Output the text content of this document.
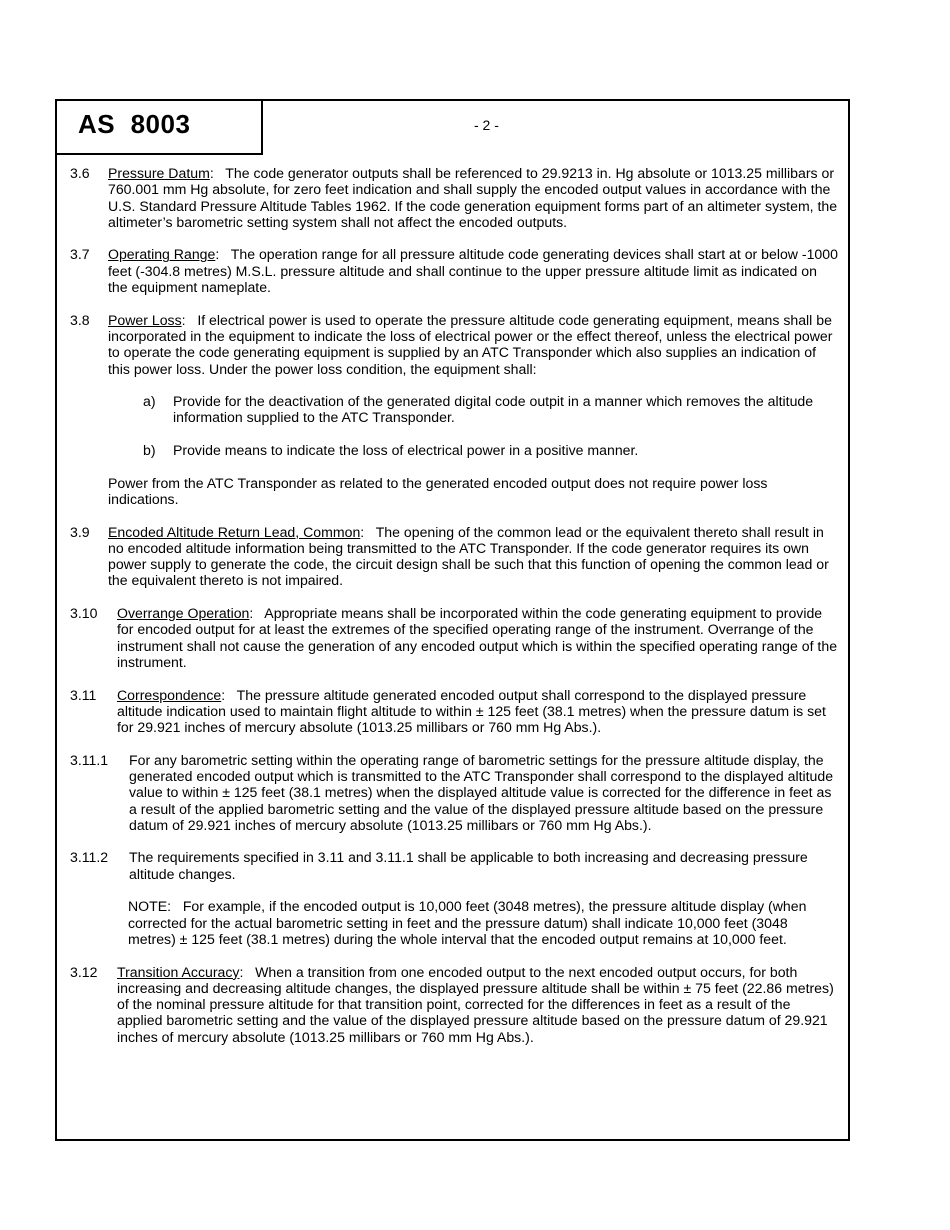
AS  8003	- 2 -
3.6	Pressure Datum:   The code generator outputs shall be referenced to 29.9213 in. Hg absolute or 1013.25 millibars or 760.001 mm Hg absolute, for zero feet indication and shall supply the encoded output values in accordance with the U.S. Standard Pressure Altitude Tables 1962. If the code generation equipment forms part of an altimeter system, the altimeter’s barometric setting system shall not affect the encoded outputs.
3.7	Operating Range:   The operation range for all pressure altitude code generating devices shall start at or below -1000 feet (-304.8 metres) M.S.L. pressure altitude and shall continue to the upper pressure altitude limit as indicated on the equipment nameplate.
3.8	Power Loss:   If electrical power is used to operate the pressure altitude code generating equipment, means shall be incorporated in the equipment to indicate the loss of electrical power or the effect thereof, unless the electrical power to operate the code generating equipment is supplied by an ATC Transponder which also supplies an indication of this power loss. Under the power loss condition, the equipment shall:
a)	Provide for the deactivation of the generated digital code outpit in a manner which removes the altitude information supplied to the ATC Transponder.
b)	Provide means to indicate the loss of electrical power in a positive manner.
Power from the ATC Transponder as related to the generated encoded output does not require power loss indications.
3.9	Encoded Altitude Return Lead, Common:   The opening of the common lead or the equivalent thereto shall result in no encoded altitude information being transmitted to the ATC Transponder. If the code generator requires its own power supply to generate the code, the circuit design shall be such that this function of opening the common lead or the equivalent thereto is not impaired.
3.10	Overrange Operation:   Appropriate means shall be incorporated within the code generating equipment to provide for encoded output for at least the extremes of the specified operating range of the instrument. Overrange of the instrument shall not cause the generation of any encoded output which is within the specified operating range of the instrument.
3.11	Correspondence:   The pressure altitude generated encoded output shall correspond to the displayed pressure altitude indication used to maintain flight altitude to within ± 125 feet (38.1 metres) when the pressure datum is set for 29.921 inches of mercury absolute (1013.25 millibars or 760 mm Hg Abs.).
3.11.1	For any barometric setting within the operating range of barometric settings for the pressure altitude display, the generated encoded output which is transmitted to the ATC Transponder shall correspond to the displayed altitude value to within ± 125 feet (38.1 metres) when the displayed altitude value is corrected for the difference in feet as a result of the applied barometric setting and the value of the displayed pressure altitude based on the pressure datum of 29.921 inches of mercury absolute (1013.25 millibars or 760 mm Hg Abs.).
3.11.2	The requirements specified in 3.11 and 3.11.1 shall be applicable to both increasing and decreasing pressure altitude changes.
NOTE:   For example, if the encoded output is 10,000 feet (3048 metres), the pressure altitude display (when corrected for the actual barometric setting in feet and the pressure datum) shall indicate 10,000 feet (3048 metres) ± 125 feet (38.1 metres) during the whole interval that the encoded output remains at 10,000 feet.
3.12	Transition Accuracy:   When a transition from one encoded output to the next encoded output occurs, for both increasing and decreasing altitude changes, the displayed pressure altitude shall be within ± 75 feet (22.86 metres) of the nominal pressure altitude for that transition point, corrected for the differences in feet as a result of the applied barometric setting and the value of the displayed pressure altitude based on the pressure datum of 29.921 inches of mercury absolute (1013.25 millibars or 760 mm Hg Abs.).
